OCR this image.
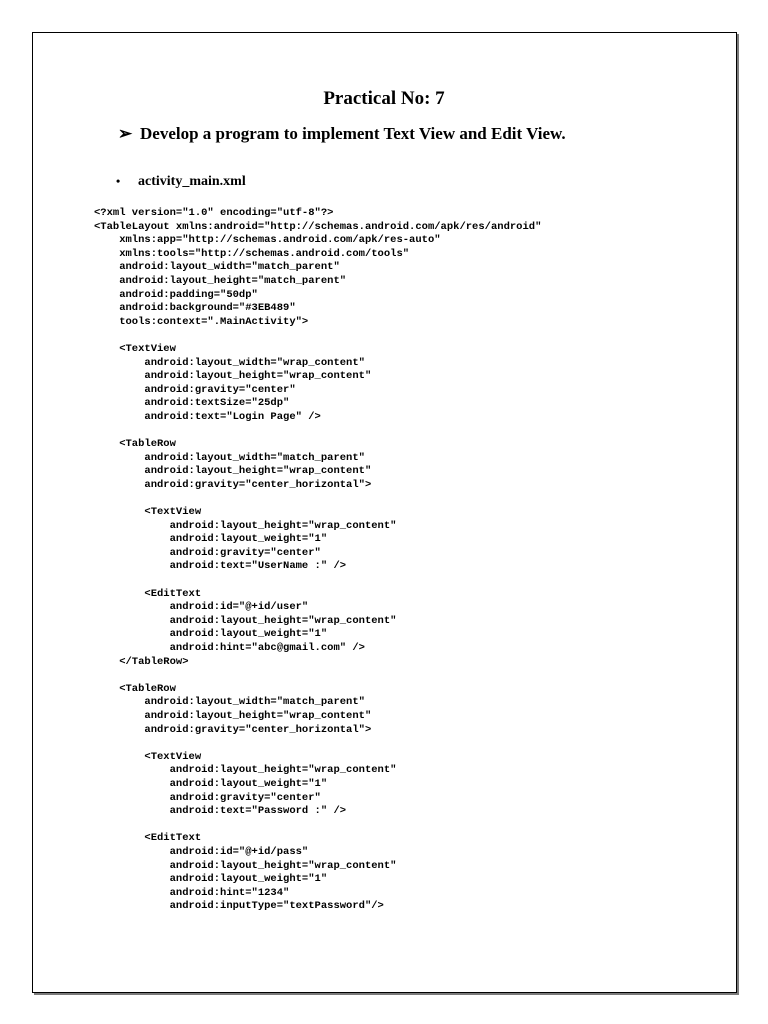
Practical No: 7
➢ Develop a program to implement Text View and Edit View.
• activity_main.xml
<?xml version="1.0" encoding="utf-8"?>
<TableLayout xmlns:android="http://schemas.android.com/apk/res/android"
xmlns:app="http://schemas.android.com/apk/res-auto"
xmlns:tools="http://schemas.android.com/tools"
android:layout_width="match_parent"
android:layout_height="match_parent"
android:padding="50dp"
android:background="#3EB489"
tools:context=".MainActivity">
<TextView
android:layout_width="wrap_content"
android:layout_height="wrap_content"
android:gravity="center"
android:textSize="25dp"
android:text="Login Page" />
<TableRow
android:layout_width="match_parent"
android:layout_height="wrap_content"
android:gravity="center_horizontal">
<TextView
android:layout_height="wrap_content"
android:layout_weight="1"
android:gravity="center"
android:text="UserName :" />
<EditText
android:id="@+id/user"
android:layout_height="wrap_content"
android:layout_weight="1"
android:hint="abc@gmail.com" />
</TableRow>
<TableRow
android:layout_width="match_parent"
android:layout_height="wrap_content"
android:gravity="center_horizontal">
<TextView
android:layout_height="wrap_content"
android:layout_weight="1"
android:gravity="center"
android:text="Password :" />
<EditText
android:id="@+id/pass"
android:layout_height="wrap_content"
android:layout_weight="1"
android:hint="1234"
android:inputType="textPassword"/>
